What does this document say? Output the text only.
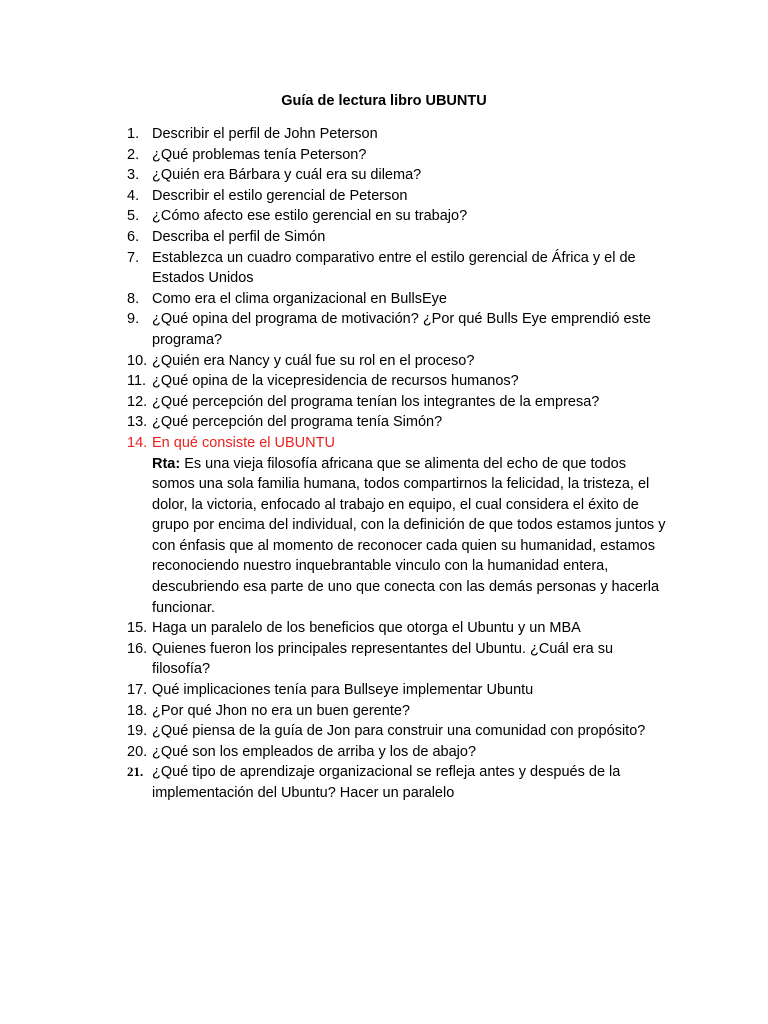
Guía de lectura libro UBUNTU
1. Describir el perfil de John Peterson
2. ¿Qué problemas tenía Peterson?
3. ¿Quién era Bárbara y cuál era su dilema?
4. Describir el estilo gerencial de Peterson
5. ¿Cómo afecto ese estilo gerencial en su trabajo?
6. Describa el perfil de Simón
7. Establezca un cuadro comparativo entre el estilo gerencial de África y el de Estados Unidos
8. Como era el clima organizacional en BullsEye
9. ¿Qué opina del programa de motivación? ¿Por qué Bulls Eye emprendió este programa?
10. ¿Quién era Nancy y cuál fue su rol en el proceso?
11. ¿Qué opina de la vicepresidencia de recursos humanos?
12. ¿Qué percepción del programa tenían los integrantes de la empresa?
13. ¿Qué percepción del programa tenía Simón?
14. En qué consiste el UBUNTU
Rta: Es una vieja filosofía africana que se alimenta del echo de que todos somos una sola familia humana, todos compartirnos la felicidad, la tristeza, el dolor, la victoria, enfocado al trabajo en equipo, el cual considera el éxito de grupo por encima del individual, con la definición de que todos estamos juntos y con énfasis que al momento de reconocer cada quien su humanidad, estamos reconociendo nuestro inquebrantable vinculo con la humanidad entera, descubriendo esa parte de uno que conecta con las demás personas y hacerla funcionar.
15. Haga un paralelo de los beneficios que otorga el Ubuntu y un MBA
16. Quienes fueron los principales representantes del Ubuntu. ¿Cuál era su filosofía?
17. Qué implicaciones tenía para Bullseye implementar Ubuntu
18. ¿Por qué Jhon no era un buen gerente?
19. ¿Qué piensa de la guía de Jon para construir una comunidad con propósito?
20. ¿Qué son los empleados de arriba y los de abajo?
21. ¿Qué tipo de aprendizaje organizacional se refleja antes y después de la implementación del Ubuntu? Hacer un paralelo
